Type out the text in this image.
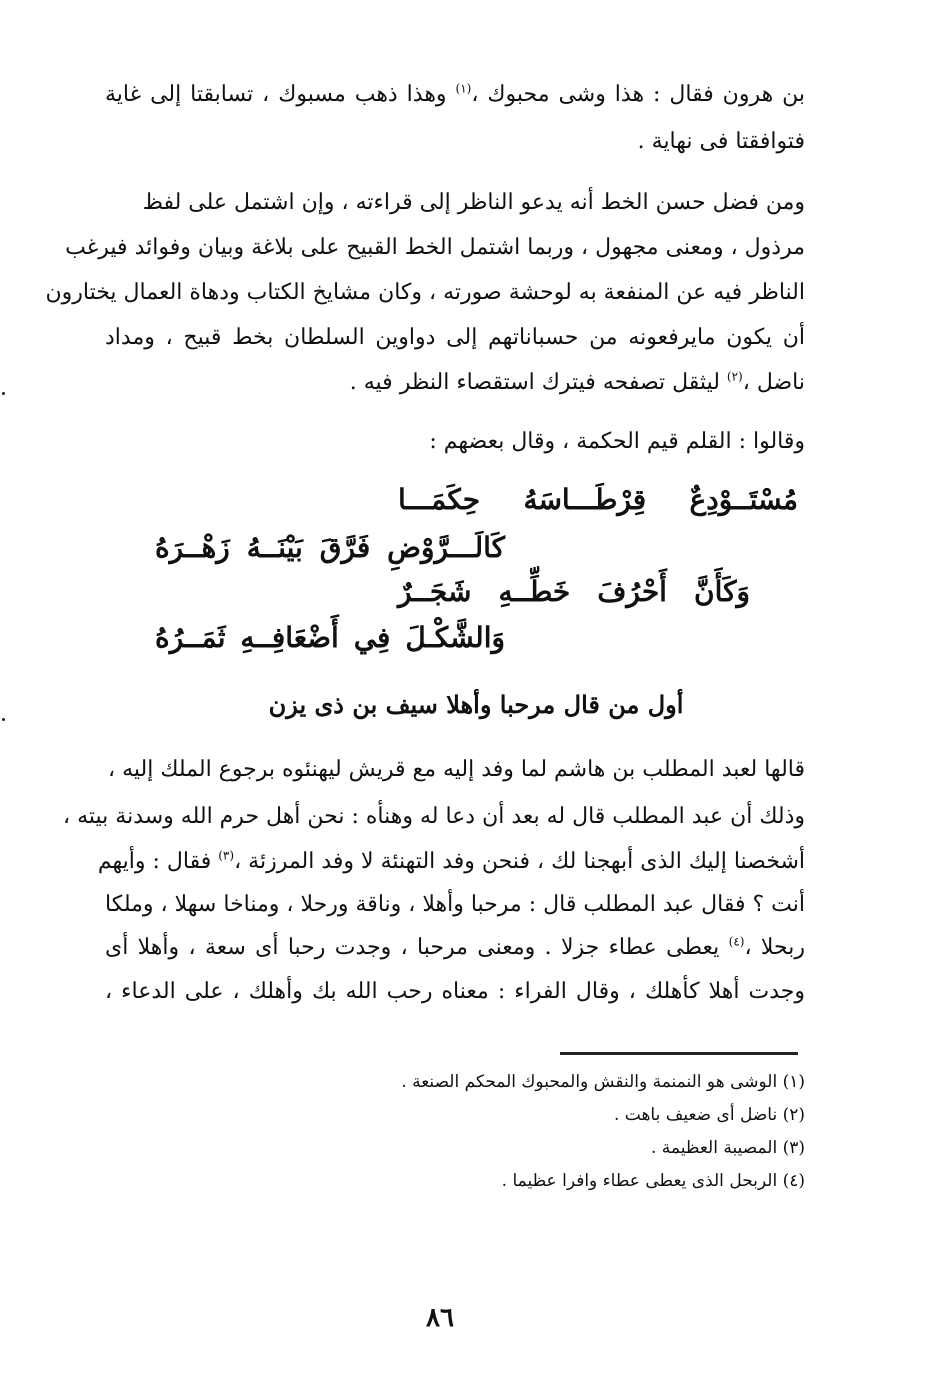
بن هرون فقال : هذا وشى محبوك ،$^{(١)}$ وهذا ذهب مسبوك ، تسابقتا إلى غاية
فتوافقتا فى نهاية .
ومن فضل حسن الخط أنه يدعو الناظر إلى قراءته ، وإن اشتمل على لفظ
مرذول ، ومعنى مجهول ، وربما اشتمل الخط القبيح على بلاغة وبيان وفوائد فيرغب
الناظر فيه عن المنفعة به لوحشة صورته ، وكان مشايخ الكتاب ودهاة العمال يختارون
أن يكون مايرفعونه من حسباناتهم إلى دواوين السلطان بخط قبيح ، ومداد
ناضل ،$^{(٢)}$ ليثقل تصفحه فيترك استقصاء النظر فيه .
وقالوا : القلم قيم الحكمة ، وقال بعضهم :
مُسْتَــوْدِعٌ
قِرْطَـــاسَهُ
حِكَمَـــا
كَالَـــرَّوْضِ
فَرَّقَ
بَيْنَــهُ
زَهْــرَهُ
وَكَأَنَّ
أَحْرُفَ
خَطِّــهِ
شَجَــرٌ
وَالشَّكْـلَ
فِي
أَضْعَافِــهِ
ثَمَــرُهُ
أول من قال مرحبا وأهلا سيف بن ذى يزن
قالها لعبد المطلب بن هاشم لما وفد إليه مع قريش ليهنئوه برجوع الملك إليه ،
وذلك أن عبد المطلب قال له بعد أن دعا له وهنأه : نحن أهل حرم الله وسدنة بيته ،
أشخصنا إليك الذى أبهجنا لك ، فنحن وفد التهنئة لا وفد المرزئة ،$^{(٣)}$ فقال : وأيهم
أنت ؟ فقال عبد المطلب قال : مرحبا وأهلا ، وناقة ورحلا ، ومناخا سهلا ، وملكا
ربحلا ،$^{(٤)}$ يعطى عطاء جزلا . ومعنى مرحبا ، وجدت رحبا أى سعة ، وأهلا أى
وجدت أهلا كأهلك ، وقال الفراء : معناه رحب الله بك وأهلك ، على الدعاء ،
(١) الوشى هو النمنمة والنقش والمحبوك المحكم الصنعة .
(٢) ناضل أى ضعيف باهت .
(٣) المصيبة العظيمة .
(٤) الربحل الذى يعطى عطاء وافرا عظيما .
٨٦
